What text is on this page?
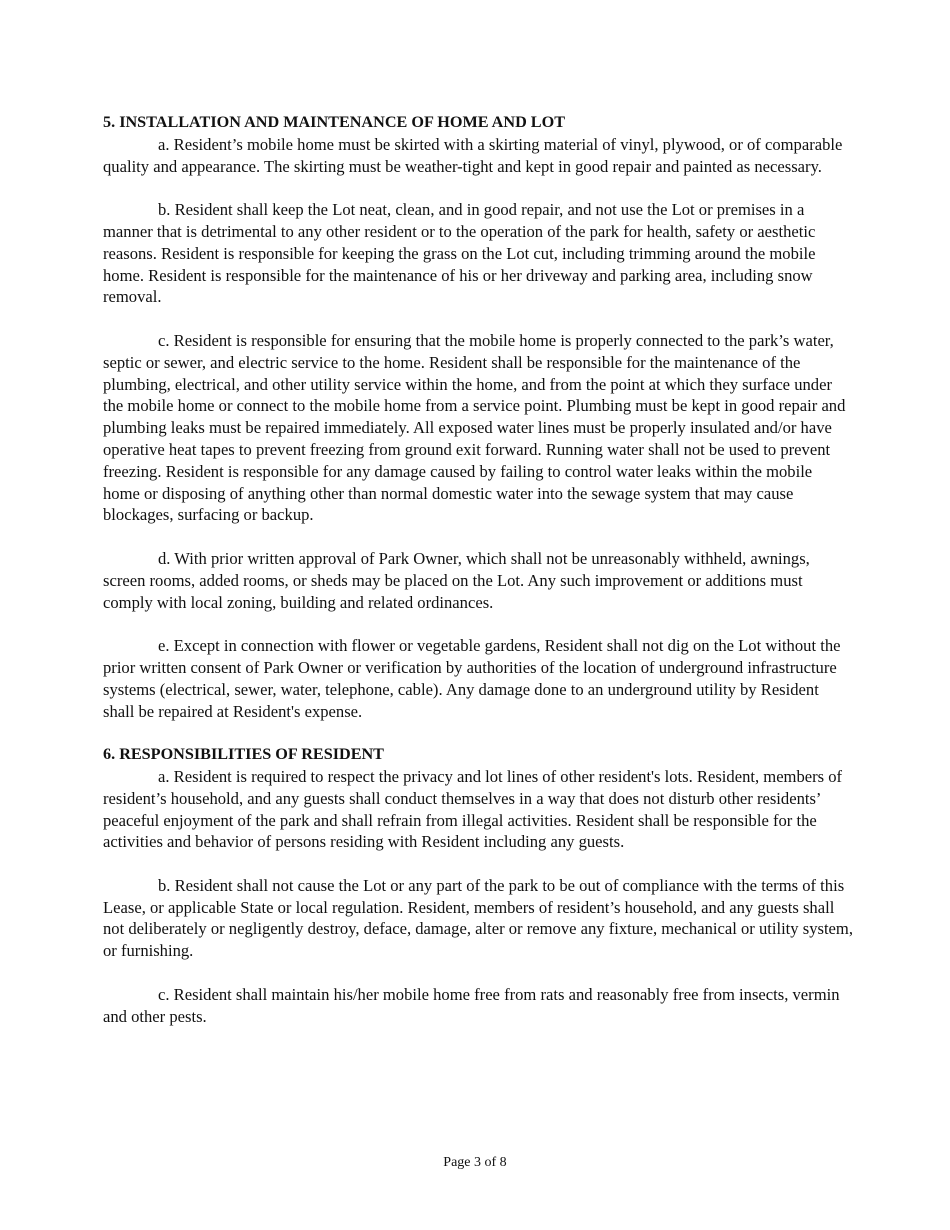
5. INSTALLATION AND MAINTENANCE OF HOME AND LOT

a. Resident’s mobile home must be skirted with a skirting material of vinyl, plywood, or of comparable quality and appearance. The skirting must be weather-tight and kept in good repair and painted as necessary.

b. Resident shall keep the Lot neat, clean, and in good repair, and not use the Lot or premises in a manner that is detrimental to any other resident or to the operation of the park for health, safety or aesthetic reasons. Resident is responsible for keeping the grass on the Lot cut, including trimming around the mobile home. Resident is responsible for the maintenance of his or her driveway and parking area, including snow removal.

c. Resident is responsible for ensuring that the mobile home is properly connected to the park’s water, septic or sewer, and electric service to the home. Resident shall be responsible for the maintenance of the plumbing, electrical, and other utility service within the home, and from the point at which they surface under the mobile home or connect to the mobile home from a service point. Plumbing must be kept in good repair and plumbing leaks must be repaired immediately. All exposed water lines must be properly insulated and/or have operative heat tapes to prevent freezing from ground exit forward. Running water shall not be used to prevent freezing. Resident is responsible for any damage caused by failing to control water leaks within the mobile home or disposing of anything other than normal domestic water into the sewage system that may cause blockages, surfacing or backup.

d. With prior written approval of Park Owner, which shall not be unreasonably withheld, awnings, screen rooms, added rooms, or sheds may be placed on the Lot. Any such improvement or additions must comply with local zoning, building and related ordinances.

e. Except in connection with flower or vegetable gardens, Resident shall not dig on the Lot without the prior written consent of Park Owner or verification by authorities of the location of underground infrastructure systems (electrical, sewer, water, telephone, cable). Any damage done to an underground utility by Resident shall be repaired at Resident's expense.

6. RESPONSIBILITIES OF RESIDENT

a. Resident is required to respect the privacy and lot lines of other resident's lots. Resident, members of resident’s household, and any guests shall conduct themselves in a way that does not disturb other residents’ peaceful enjoyment of the park and shall refrain from illegal activities. Resident shall be responsible for the activities and behavior of persons residing with Resident including any guests.

b. Resident shall not cause the Lot or any part of the park to be out of compliance with the terms of this Lease, or applicable State or local regulation. Resident, members of resident’s household, and any guests shall not deliberately or negligently destroy, deface, damage, alter or remove any fixture, mechanical or utility system, or furnishing.

c. Resident shall maintain his/her mobile home free from rats and reasonably free from insects, vermin and other pests.

Page 3 of 8
